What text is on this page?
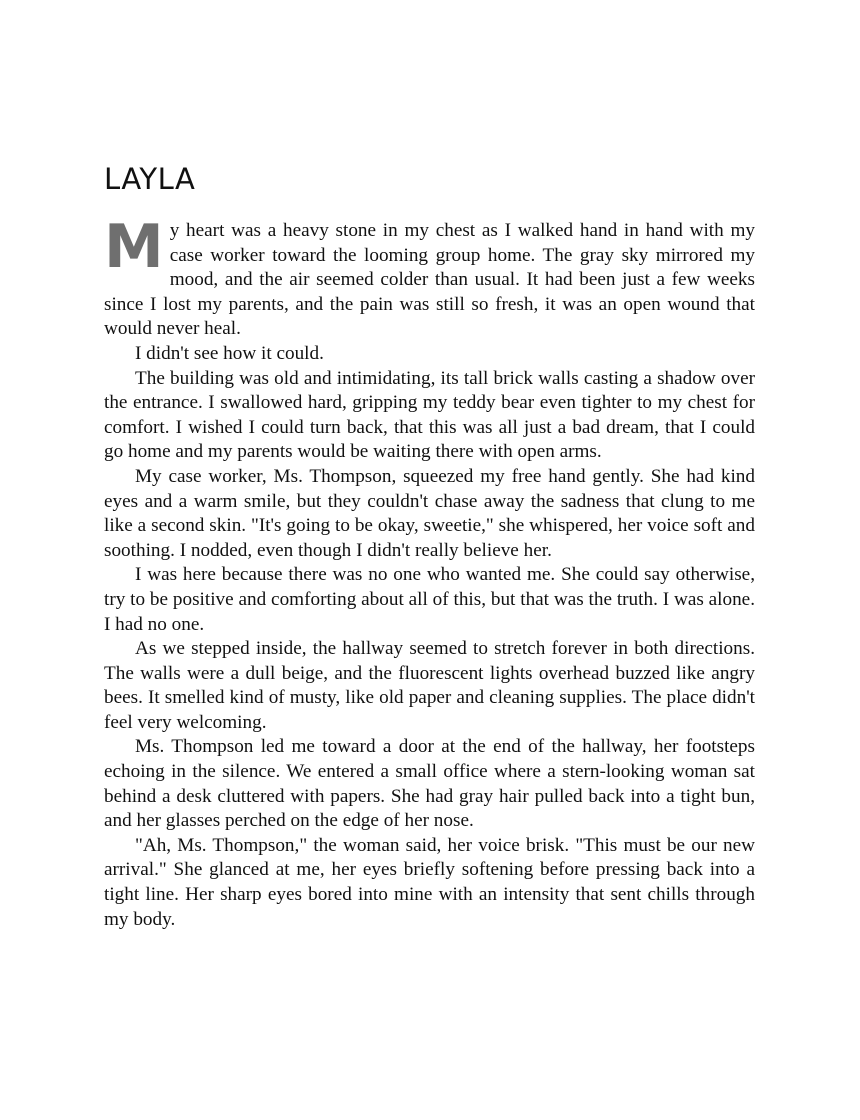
LAYLA

My heart was a heavy stone in my chest as I walked hand in hand with my case worker toward the looming group home. The gray sky mirrored my mood, and the air seemed colder than usual. It had been just a few weeks since I lost my parents, and the pain was still so fresh, it was an open wound that would never heal.

I didn't see how it could.

The building was old and intimidating, its tall brick walls casting a shadow over the entrance. I swallowed hard, gripping my teddy bear even tighter to my chest for comfort. I wished I could turn back, that this was all just a bad dream, that I could go home and my parents would be waiting there with open arms.

My case worker, Ms. Thompson, squeezed my free hand gently. She had kind eyes and a warm smile, but they couldn't chase away the sadness that clung to me like a second skin. "It's going to be okay, sweetie," she whispered, her voice soft and soothing. I nodded, even though I didn't really believe her.

I was here because there was no one who wanted me. She could say otherwise, try to be positive and comforting about all of this, but that was the truth. I was alone. I had no one.

As we stepped inside, the hallway seemed to stretch forever in both directions. The walls were a dull beige, and the fluorescent lights overhead buzzed like angry bees. It smelled kind of musty, like old paper and cleaning supplies. The place didn't feel very welcoming.

Ms. Thompson led me toward a door at the end of the hallway, her footsteps echoing in the silence. We entered a small office where a stern-looking woman sat behind a desk cluttered with papers. She had gray hair pulled back into a tight bun, and her glasses perched on the edge of her nose.

"Ah, Ms. Thompson," the woman said, her voice brisk. "This must be our new arrival." She glanced at me, her eyes briefly softening before pressing back into a tight line. Her sharp eyes bored into mine with an intensity that sent chills through my body.
